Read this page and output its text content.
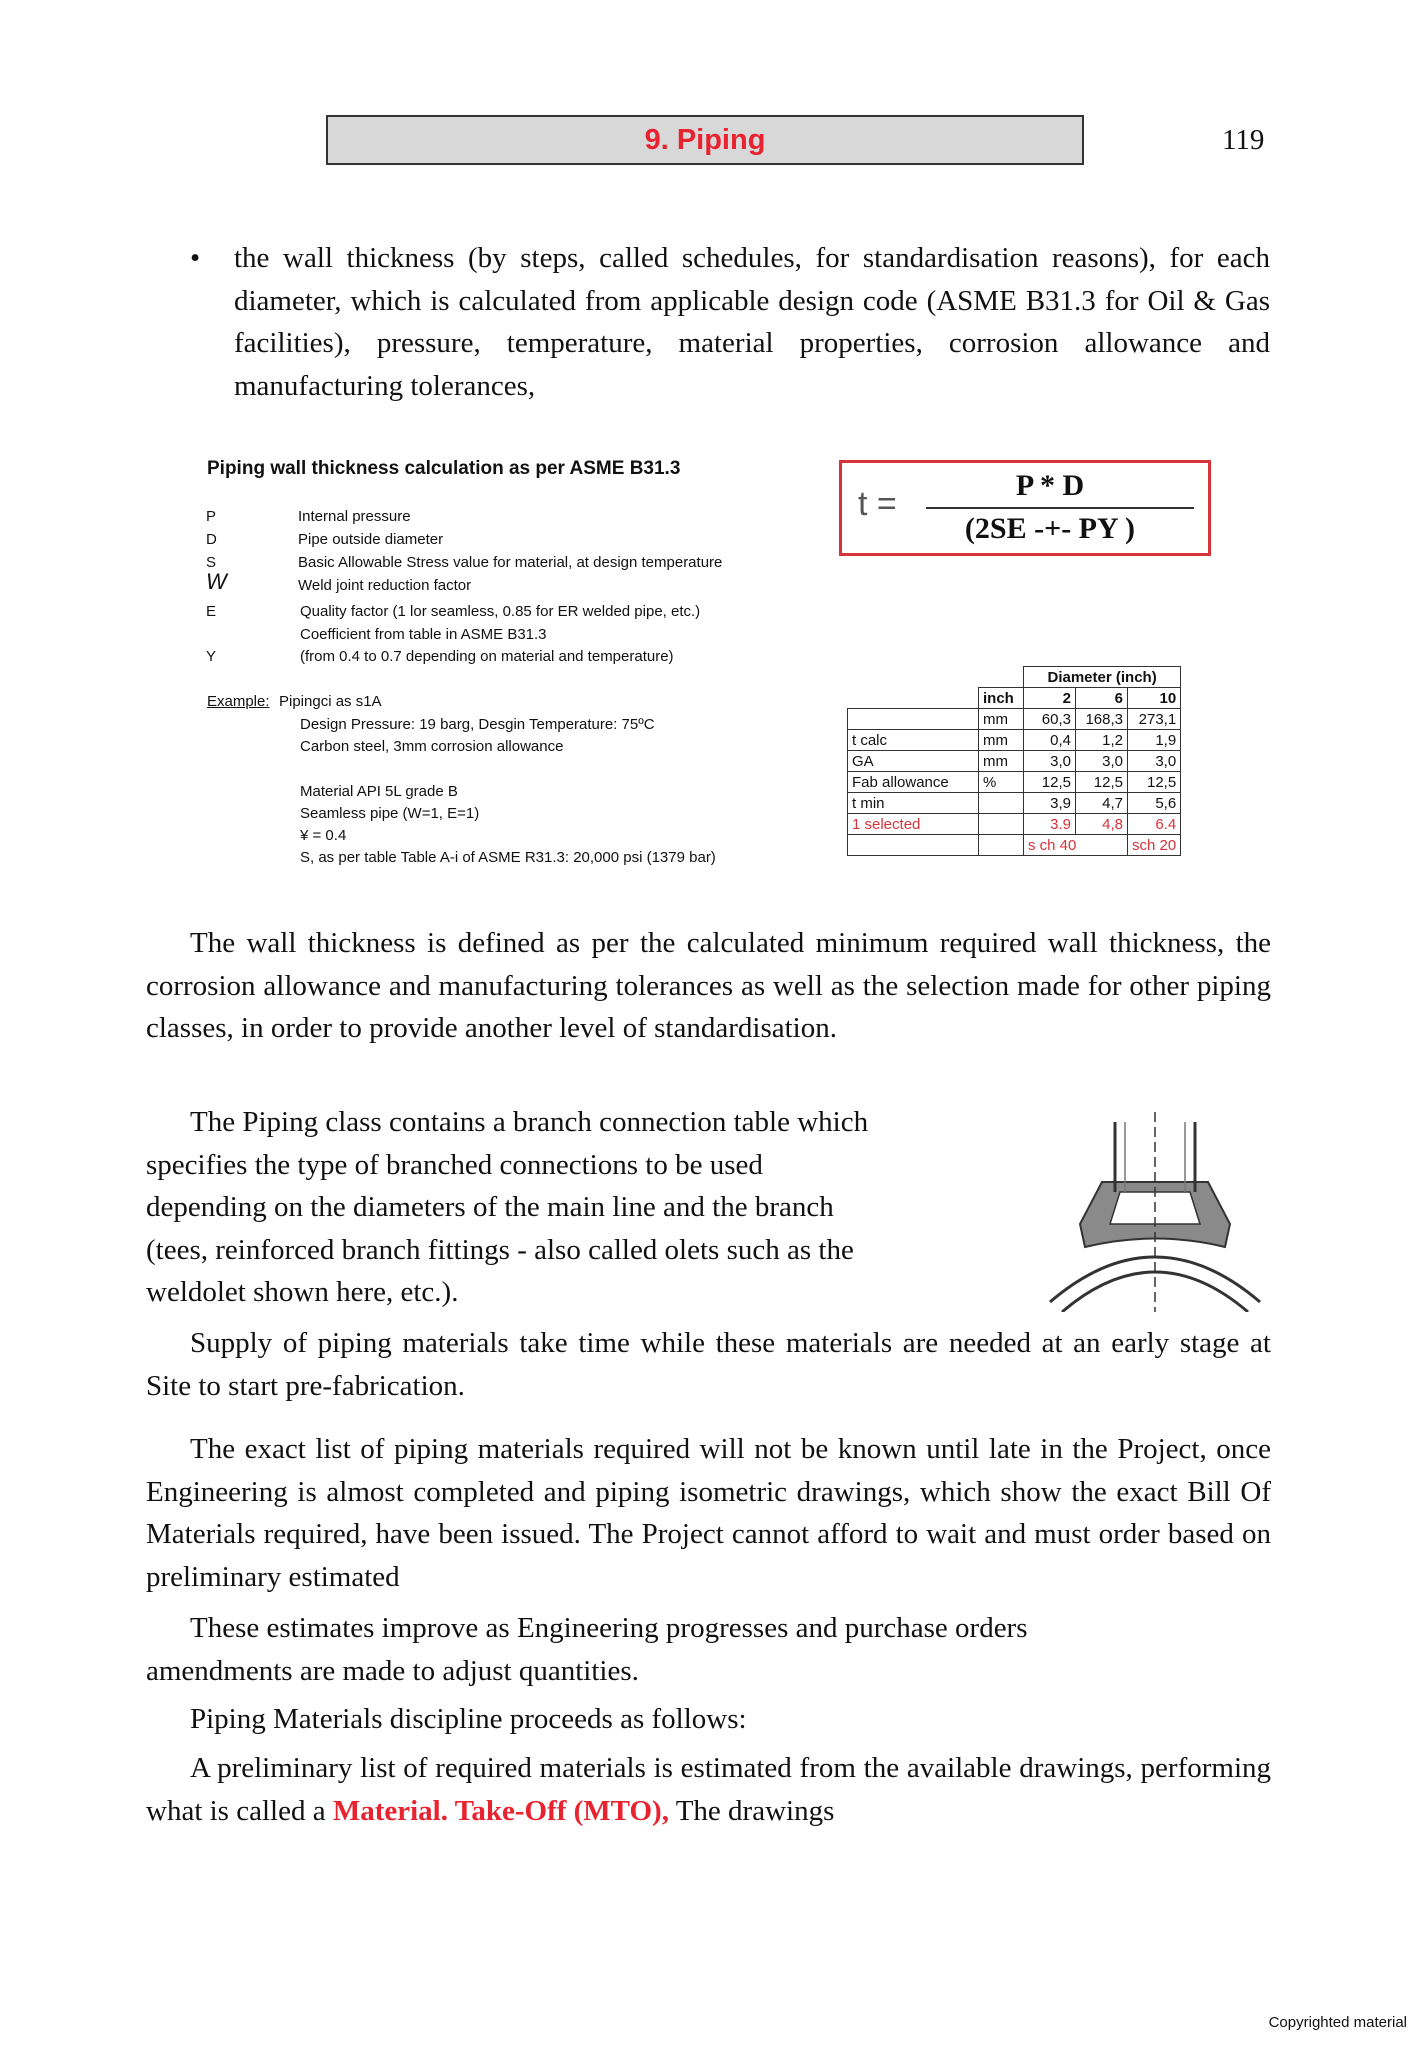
9. Piping	119
• the wall thickness (by steps, called schedules, for standardisation reasons), for each diameter, which is calculated from applicable design code (ASME B31.3 for Oil & Gas facilities), pressure, temperature, material properties, corrosion allowance and manufacturing tolerances,

Piping wall thickness calculation as per ASME B31.3
P	Internal pressure
D	Pipe outside diameter
S	Basic Allowable Stress value for material, at design temperature
W	Weld joint reduction factor
E	Quality factor (1 lor seamless, 0.85 for ER welded pipe, etc.)
Coefficient from table in ASME B31.3
Y	(from 0.4 to 0.7 depending on material and temperature)
Example: Pipingci as s1A
Design Pressure: 19 barg, Desgin Temperature: 75ºC
Carbon steel, 3mm corrosion allowance
Material API 5L grade B
Seamless pipe (W=1, E=1)
¥ = 0.4
S, as per table Table A-i of ASME R31.3: 20,000 psi (1379 bar)
t =	P * D
(2SE -+- PY )
		Diameter (inch)		
	inch	2	6	10
	mm	60,3	168,3	273,1
t calc	mm	0,4	1,2	1,9
GA	mm	3,0	3,0	3,0
Fab allowance	%	12,5	12,5	12,5
t min		3,9	4,7	5,6
1 selected		3.9	4,8	6.4
		s ch 40		sch 20

The wall thickness is defined as per the calculated minimum required wall thickness, the corrosion allowance and manufacturing tolerances as well as the selection made for other piping classes, in order to provide another level of standardisation.

The Piping class contains a branch connection table which
specifies the type of branched connections to be used
depending on the diameters of the main line and the branch
(tees, reinforced branch fittings - also called olets such as the
weldolet shown here, etc.).

Supply of piping materials take time while these materials are needed at an early stage at Site to start pre-fabrication.

The exact list of piping materials required will not be known until late in the Project, once Engineering is almost completed and piping isometric drawings, which show the exact Bill Of Materials required, have been issued. The Project cannot afford to wait and must order based on preliminary estimated

These estimates improve as Engineering progresses and purchase orders
amendments are made to adjust quantities.
Piping Materials discipline proceeds as follows:

A preliminary list of required materials is estimated from the available drawings, performing what is called a Material. Take-Off (MTO), The drawings

Copyrighted material
